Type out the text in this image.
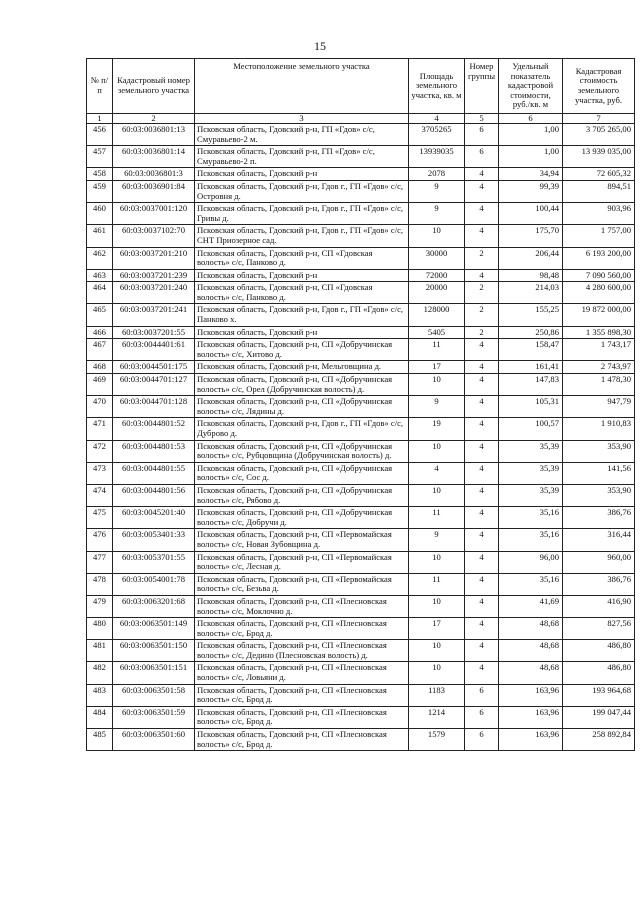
15
№ п/п	Кадастровый номер земельного участка	Местоположение земельного участка	Площадь земельного участка, кв. м	Номер группы	Удельный показатель кадастровой стоимости, руб./кв. м	Кадастровая стоимость земельного участка, руб.
1	2	3	4	5	6	7
456	60:03:0036801:13	Псковская область, Гдовский р-н, ГП «Гдов» с/с, Смуравьево-2 м.	3705265	6	1,00	3 705 265,00
457	60:03:0036801:14	Псковская область, Гдовский р-н, ГП «Гдов» с/с, Смуравьево-2 п.	13939035	6	1,00	13 939 035,00
458	60:03:0036801:3	Псковская область, Гдовский р-н	2078	4	34,94	72 605,32
459	60:03:0036901:84	Псковская область, Гдовский р-н, Гдов г., ГП «Гдов» с/с, Островня д.	9	4	99,39	894,51
460	60:03:0037001:120	Псковская область, Гдовский р-н, Гдов г., ГП «Гдов» с/с, Гривы д.	9	4	100,44	903,96
461	60:03:0037102:70	Псковская область, Гдовский р-н, Гдов г., ГП «Гдов» с/с, СНТ Приозерное сад.	10	4	175,70	1 757,00
462	60:03:0037201:210	Псковская область, Гдовский р-н, СП «Гдовская волость» с/с, Панково д.	30000	2	206,44	6 193 200,00
463	60:03:0037201:239	Псковская область, Гдовский р-н	72000	4	98,48	7 090 560,00
464	60:03:0037201:240	Псковская область, Гдовский р-н, СП «Гдовская волость» с/с, Панково д.	20000	2	214,03	4 280 600,00
465	60:03:0037201:241	Псковская область, Гдовский р-н, Гдов г., ГП «Гдов» с/с, Панково х.	128000	2	155,25	19 872 000,00
466	60:03:0037201:55	Псковская область, Гдовский р-н	5405	2	250,86	1 355 898,30
467	60:03:0044401:61	Псковская область, Гдовский р-н, СП «Добручинская волость» с/с, Хитово д.	11	4	158,47	1 743,17
468	60:03:0044501:175	Псковская область, Гдовский р-н, Мельговщина д.	17	4	161,41	2 743,97
469	60:03:0044701:127	Псковская область, Гдовский р-н, СП «Добручинская волость» с/с, Орел (Добручинская волость) д.	10	4	147,83	1 478,30
470	60:03:0044701:128	Псковская область, Гдовский р-н, СП «Добручинская волость» с/с, Лядины д.	9	4	105,31	947,79
471	60:03:0044801:52	Псковская область, Гдовский р-н, Гдов г., ГП «Гдов» с/с, Дуброво д.	19	4	100,57	1 910,83
472	60:03:0044801:53	Псковская область, Гдовский р-н, СП «Добручинская волость» с/с, Рубцовщина (Добручинская волость) д.	10	4	35,39	353,90
473	60:03:0044801:55	Псковская область, Гдовский р-н, СП «Добручинская волость» с/с, Сос д.	4	4	35,39	141,56
474	60:03:0044801:56	Псковская область, Гдовский р-н, СП «Добручинская волость» с/с, Рябово д.	10	4	35,39	353,90
475	60:03:0045201:40	Псковская область, Гдовский р-н, СП «Добручинская волость» с/с, Добручи д.	11	4	35,16	386,76
476	60:03:0053401:33	Псковская область, Гдовский р-н, СП «Первомайская волость» с/с, Новая Зубовщина д.	9	4	35,16	316,44
477	60:03:0053701:55	Псковская область, Гдовский р-н, СП «Первомайская волость» с/с, Лесная д.	10	4	96,00	960,00
478	60:03:0054001:78	Псковская область, Гдовский р-н, СП «Первомайская волость» с/с, Безьва д.	11	4	35,16	386,76
479	60:03:0063201:68	Псковская область, Гдовский р-н, СП «Плесновская волость» с/с, Моклочно д.	10	4	41,69	416,90
480	60:03:0063501:149	Псковская область, Гдовский р-н, СП «Плесновская волость» с/с, Брод д.	17	4	48,68	827,56
481	60:03:0063501:150	Псковская область, Гдовский р-н, СП «Плесновская волость» с/с, Дедино (Плесновская волость) д.	10	4	48,68	486,80
482	60:03:0063501:151	Псковская область, Гдовский р-н, СП «Плесновская волость» с/с, Ловьяни д.	10	4	48,68	486,80
483	60:03:0063501:58	Псковская область, Гдовский р-н, СП «Плесновская волость» с/с, Брод д.	1183	6	163,96	193 964,68
484	60:03:0063501:59	Псковская область, Гдовский р-н, СП «Плесновская волость» с/с, Брод д.	1214	6	163,96	199 047,44
485	60:03:0063501:60	Псковская область, Гдовский р-н, СП «Плесновская волость» с/с, Брод д.	1579	6	163,96	258 892,84
